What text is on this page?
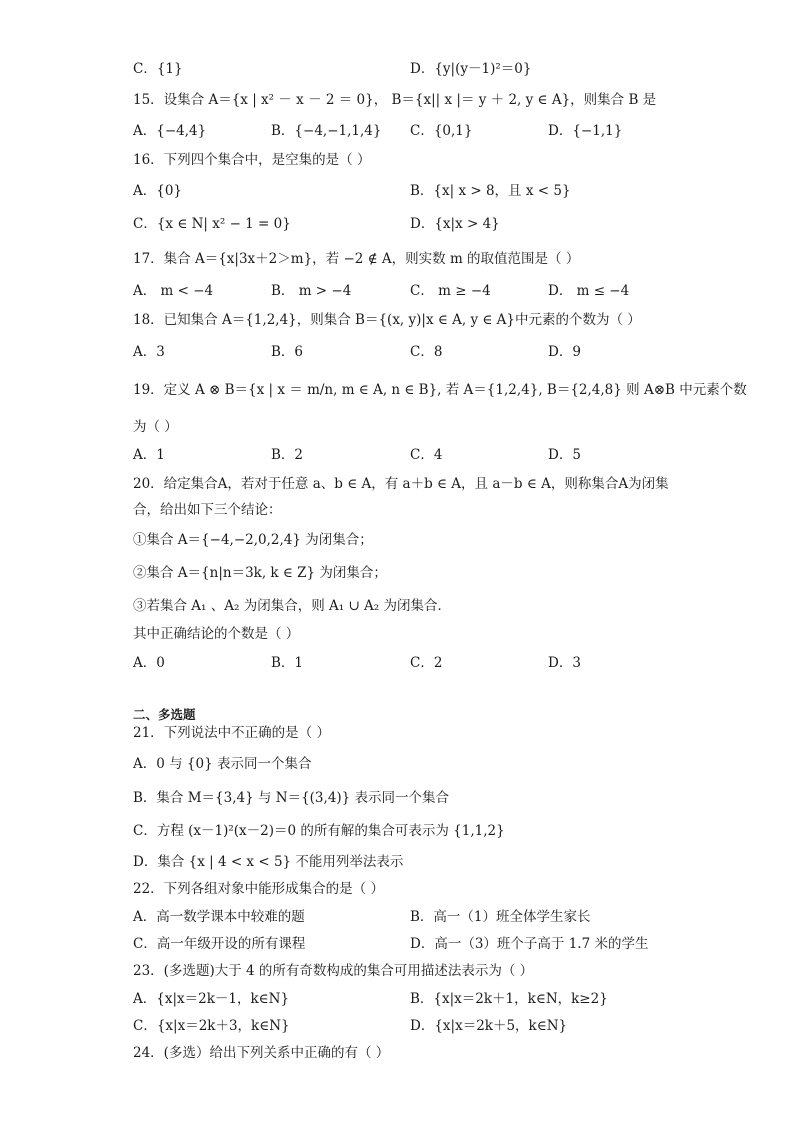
C．{1}	D．{y|(y－1)²＝0}
15．设集合 A＝{x | x² － x － 2 ＝ 0}， B＝{x|| x |＝ y ＋ 2, y ∈ A}，则集合 B 是
A．{−4,4}	B．{−4,−1,1,4} C．{0,1}	D．{−1,1}
16．下列四个集合中，是空集的是（ ）
A．{0}	B．{x| x > 8，且 x < 5}
C．{x ∈ N| x² − 1 = 0}	D．{x|x > 4}
17．集合 A＝{x|3x＋2＞m}，若 −2 ∉ A，则实数 m 的取值范围是（ ）
A． m < −4	B． m > −4	C． m ≥ −4	D． m ≤ −4
18．已知集合 A＝{1,2,4}，则集合 B＝{(x, y)|x ∈ A, y ∈ A}中元素的个数为（ ）
A．3	B．6	C．8	D．9
19．定义 A ⊗ B＝{x | x ＝ m/n, m ∈ A, n ∈ B}, 若 A＝{1,2,4}, B＝{2,4,8} 则 A⊗B 中元素个数
为（ ）
A．1	B．2	C．4	D．5
20．给定集合A，若对于任意 a、b ∈ A，有 a＋b ∈ A，且 a－b ∈ A，则称集合A为闭集
合，给出如下三个结论：
①集合 A＝{−4,−2,0,2,4} 为闭集合；
②集合 A＝{n|n＝3k, k ∈ Z} 为闭集合；
③若集合 A₁ 、A₂ 为闭集合，则 A₁ ∪ A₂ 为闭集合．
其中正确结论的个数是（ ）
A．0	B．1	C．2	D．3
二、多选题
21．下列说法中不正确的是（ ）
A．0 与 {0} 表示同一个集合
B．集合 M＝{3,4} 与 N＝{(3,4)} 表示同一个集合
C．方程 (x－1)²(x－2)＝0 的所有解的集合可表示为 {1,1,2}
D．集合 {x | 4 < x < 5} 不能用列举法表示
22．下列各组对象中能形成集合的是（ ）
A．高一数学课本中较难的题	B．高一（1）班全体学生家长
C．高一年级开设的所有课程	D．高一（3）班个子高于 1.7 米的学生
23．(多选题)大于 4 的所有奇数构成的集合可用描述法表示为（ ）
A．{x|x＝2k－1，k∈N}	B．{x|x＝2k＋1，k∈N，k≥2}
C．{x|x＝2k＋3，k∈N}	D．{x|x＝2k＋5，k∈N}
24．(多选）给出下列关系中正确的有（ ）
